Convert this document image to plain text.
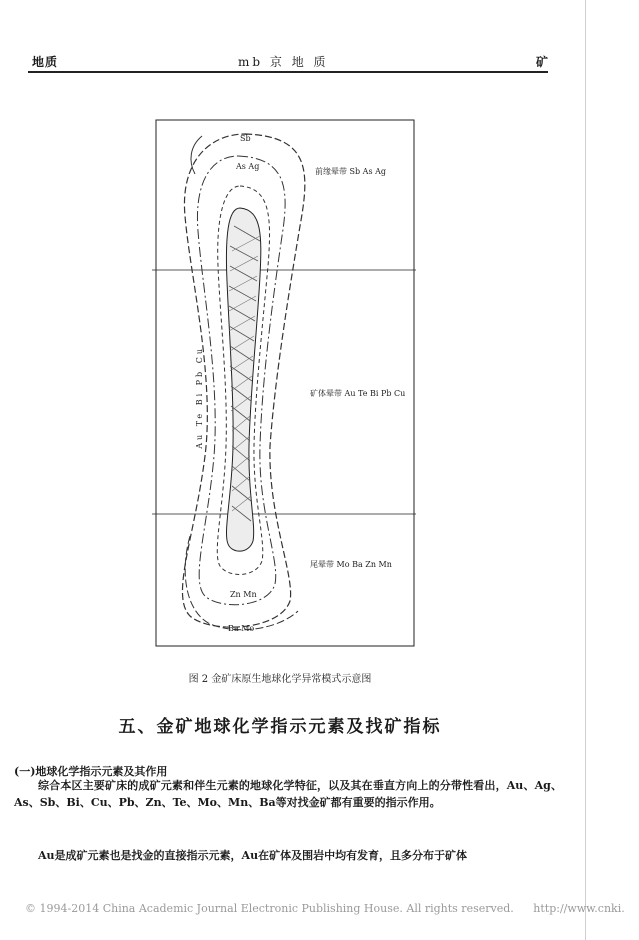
地质	mb 京 地 质	矿
Sb
As Ag
前缘晕带 Sb As Ag
矿体晕带 Au Te Bi Pb Cu
尾晕带 Mo Ba Zn Mn
Zn Mn
Ba Mo
Au Te Bi Pb Cu
图 2 金矿床原生地球化学异常模式示意图
五、金矿地球化学指示元素及找矿指标
(一)地球化学指示元素及其作用
综合本区主要矿床的成矿元素和伴生元素的地球化学特征，以及其在垂直方向上的分带性看出，Au、Ag、As、Sb、Bi、Cu、Pb、Zn、Te、Mo、Mn、Ba等对找金矿都有重要的指示作用。
Au是成矿元素也是找金的直接指示元素，Au在矿体及围岩中均有发育，且多分布于矿体
© 1994-2014 China Academic Journal Electronic Publishing House. All rights reserved. http://www.cnki.
